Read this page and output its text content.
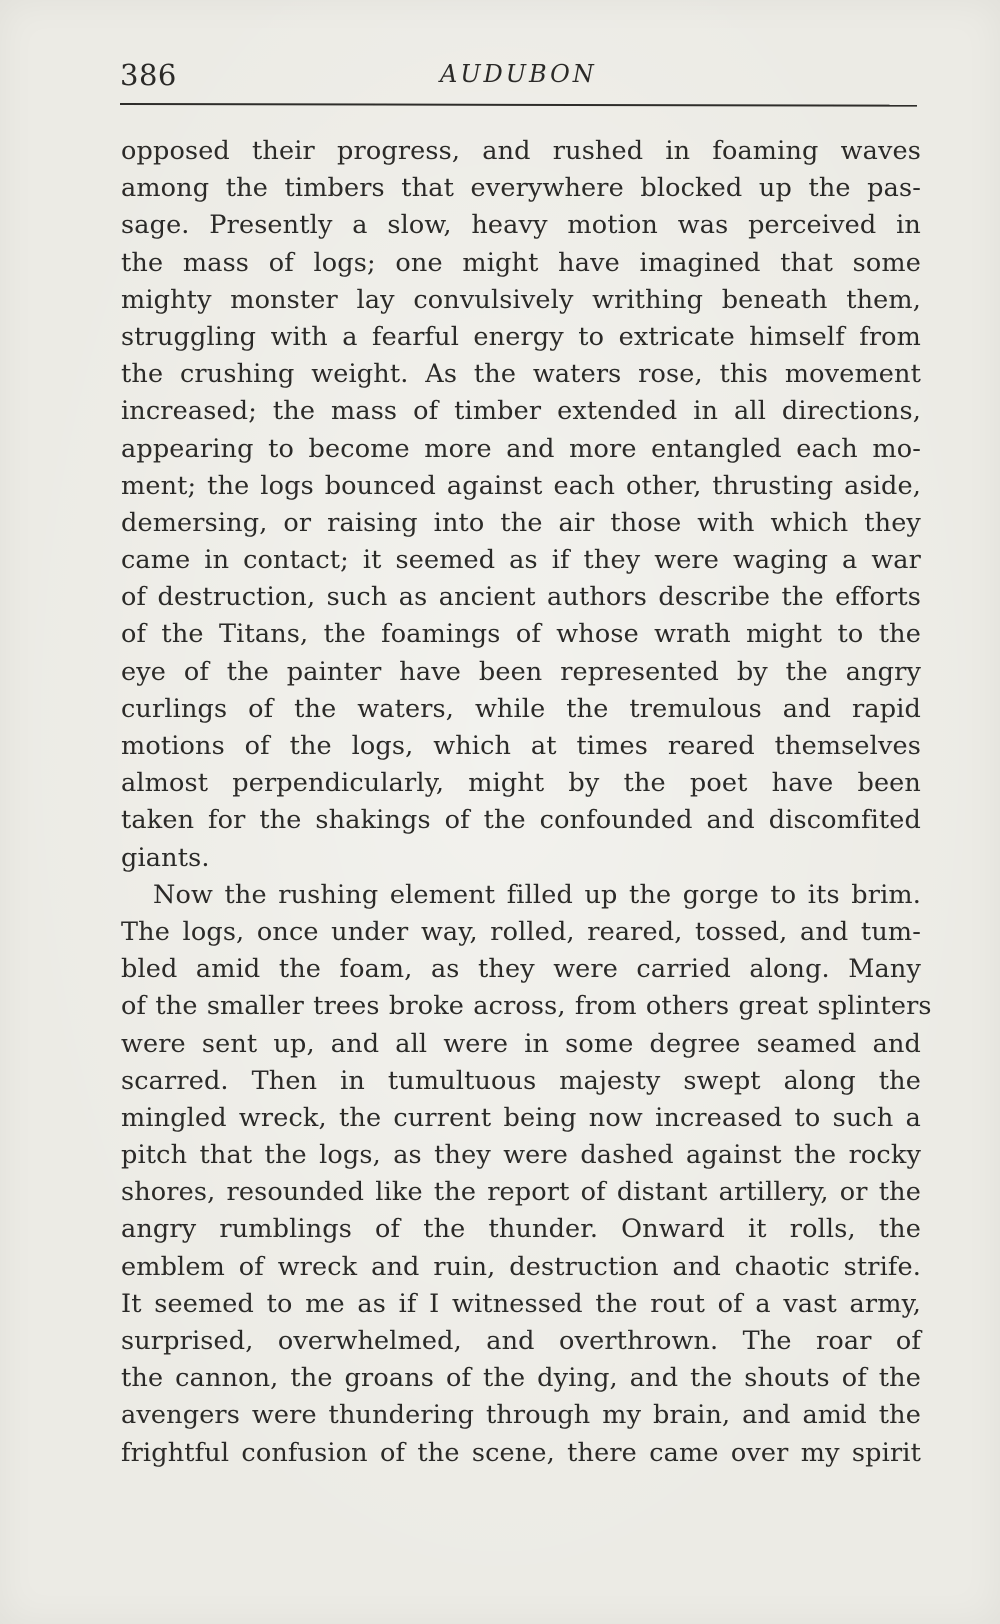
386	AUDUBON
opposed their progress, and rushed in foaming waves
among the timbers that everywhere blocked up the pas-
sage. Presently a slow, heavy motion was perceived in
the mass of logs; one might have imagined that some
mighty monster lay convulsively writhing beneath them,
struggling with a fearful energy to extricate himself from
the crushing weight. As the waters rose, this movement
increased; the mass of timber extended in all directions,
appearing to become more and more entangled each mo-
ment; the logs bounced against each other, thrusting aside,
demersing, or raising into the air those with which they
came in contact; it seemed as if they were waging a war
of destruction, such as ancient authors describe the efforts
of the Titans, the foamings of whose wrath might to the
eye of the painter have been represented by the angry
curlings of the waters, while the tremulous and rapid
motions of the logs, which at times reared themselves
almost perpendicularly, might by the poet have been
taken for the shakings of the confounded and discomfited
giants.
Now the rushing element filled up the gorge to its brim.
The logs, once under way, rolled, reared, tossed, and tum-
bled amid the foam, as they were carried along. Many
of the smaller trees broke across, from others great splinters
were sent up, and all were in some degree seamed and
scarred. Then in tumultuous majesty swept along the
mingled wreck, the current being now increased to such a
pitch that the logs, as they were dashed against the rocky
shores, resounded like the report of distant artillery, or the
angry rumblings of the thunder. Onward it rolls, the
emblem of wreck and ruin, destruction and chaotic strife.
It seemed to me as if I witnessed the rout of a vast army,
surprised, overwhelmed, and overthrown. The roar of
the cannon, the groans of the dying, and the shouts of the
avengers were thundering through my brain, and amid the
frightful confusion of the scene, there came over my spirit
